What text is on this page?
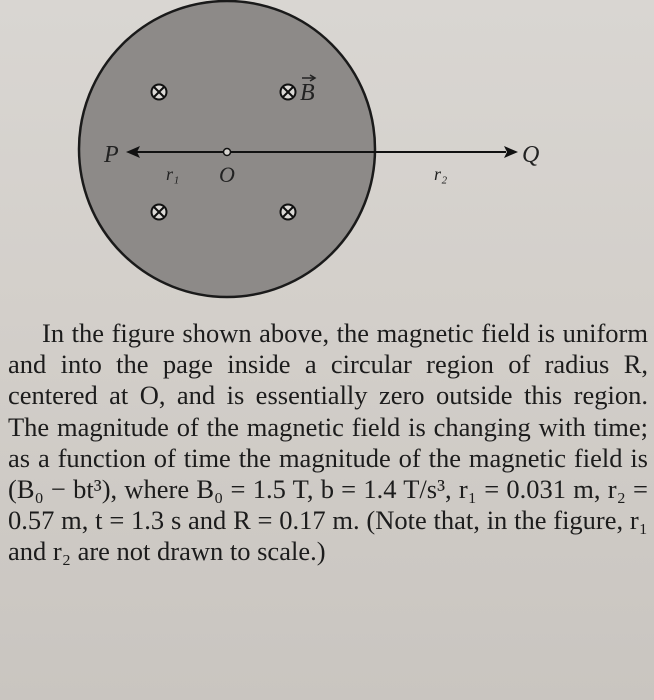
B
P	Q
O
r₁	r₂

In the figure shown above, the magnetic field is uniform and into the page inside a circular region of radius R, centered at O, and is essentially zero outside this region. The magnitude of the magnetic field is changing with time; as a function of time the magnitude of the magnetic field is (B₀ − bt³), where B₀ = 1.5 T, b = 1.4 T/s³, r₁ = 0.031 m, r₂ = 0.57 m, t = 1.3 s and R = 0.17 m. (Note that, in the figure, r₁ and r₂ are not drawn to scale.)
